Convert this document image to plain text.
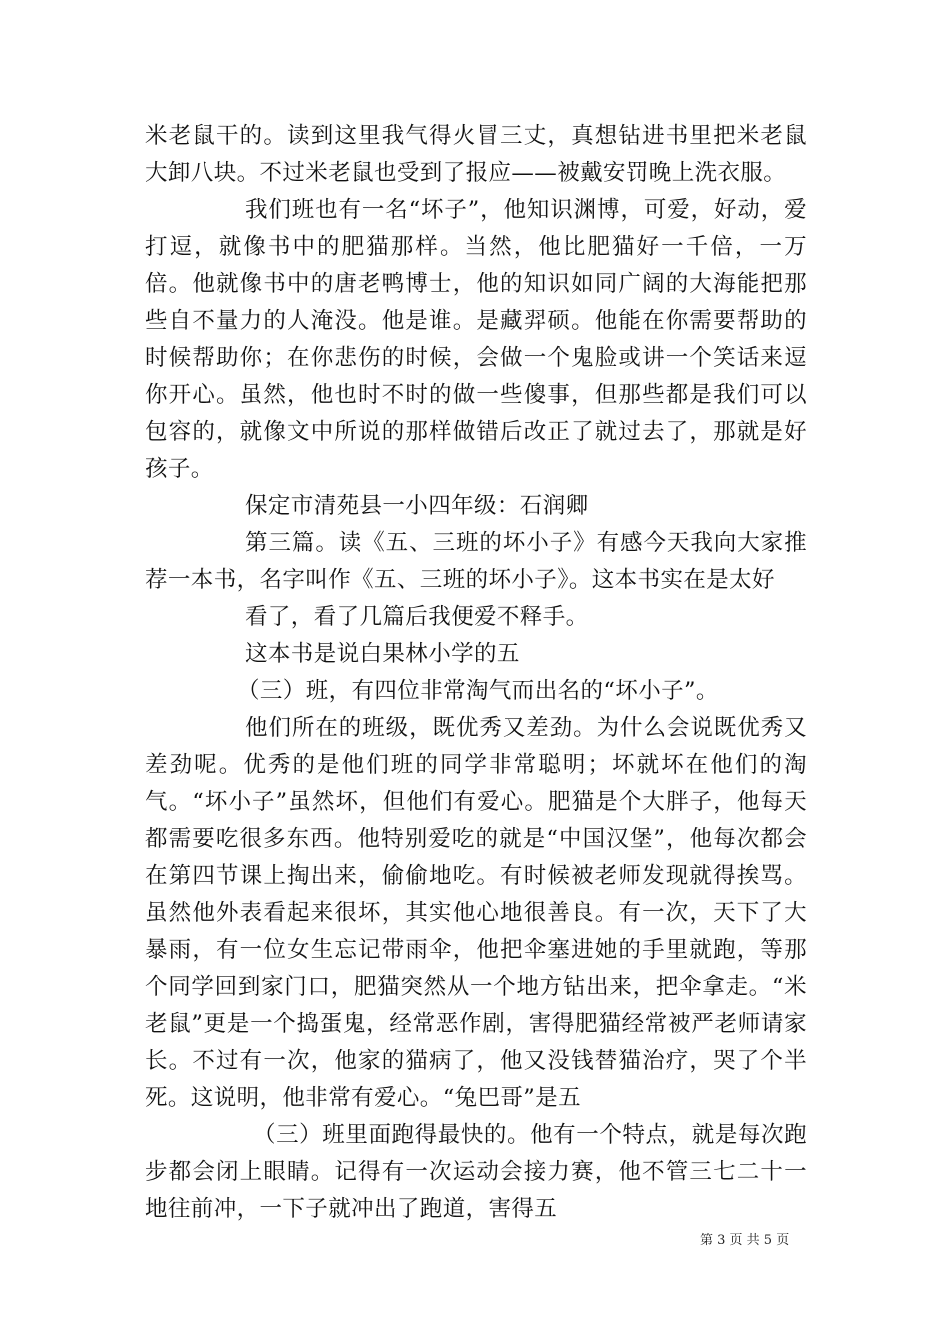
米老鼠干的。读到这里我气得火冒三丈，真想钻进书里把米老鼠大卸八块。不过米老鼠也受到了报应——被戴安罚晚上洗衣服。

我们班也有一名“坏子”，他知识渊博，可爱，好动，爱打逗，就像书中的肥猫那样。当然，他比肥猫好一千倍，一万倍。他就像书中的唐老鸭博士，他的知识如同广阔的大海能把那些自不量力的人淹没。他是谁。是藏羿硕。他能在你需要帮助的时候帮助你；在你悲伤的时候，会做一个鬼脸或讲一个笑话来逗你开心。虽然，他也时不时的做一些傻事，但那些都是我们可以包容的，就像文中所说的那样做错后改正了就过去了，那就是好孩子。

保定市清苑县一小四年级：石润卿

第三篇。读《五、三班的坏小子》有感今天我向大家推荐一本书，名字叫作《五、三班的坏小子》。这本书实在是太好

看了，看了几篇后我便爱不释手。

这本书是说白果林小学的五

（三）班，有四位非常淘气而出名的“坏小子”。

他们所在的班级，既优秀又差劲。为什么会说既优秀又差劲呢。优秀的是他们班的同学非常聪明；坏就坏在他们的淘气。“坏小子”虽然坏，但他们有爱心。肥猫是个大胖子，他每天都需要吃很多东西。他特别爱吃的就是“中国汉堡”，他每次都会在第四节课上掏出来，偷偷地吃。有时候被老师发现就得挨骂。虽然他外表看起来很坏，其实他心地很善良。有一次，天下了大暴雨，有一位女生忘记带雨伞，他把伞塞进她的手里就跑，等那个同学回到家门口，肥猫突然从一个地方钻出来，把伞拿走。“米老鼠”更是一个捣蛋鬼，经常恶作剧，害得肥猫经常被严老师请家长。不过有一次，他家的猫病了，他又没钱替猫治疗，哭了个半死。这说明，他非常有爱心。“兔巴哥”是五

（三）班里面跑得最快的。他有一个特点，就是每次跑步都会闭上眼睛。记得有一次运动会接力赛，他不管三七二十一地往前冲，一下子就冲出了跑道，害得五

第 3 页 共 5 页
